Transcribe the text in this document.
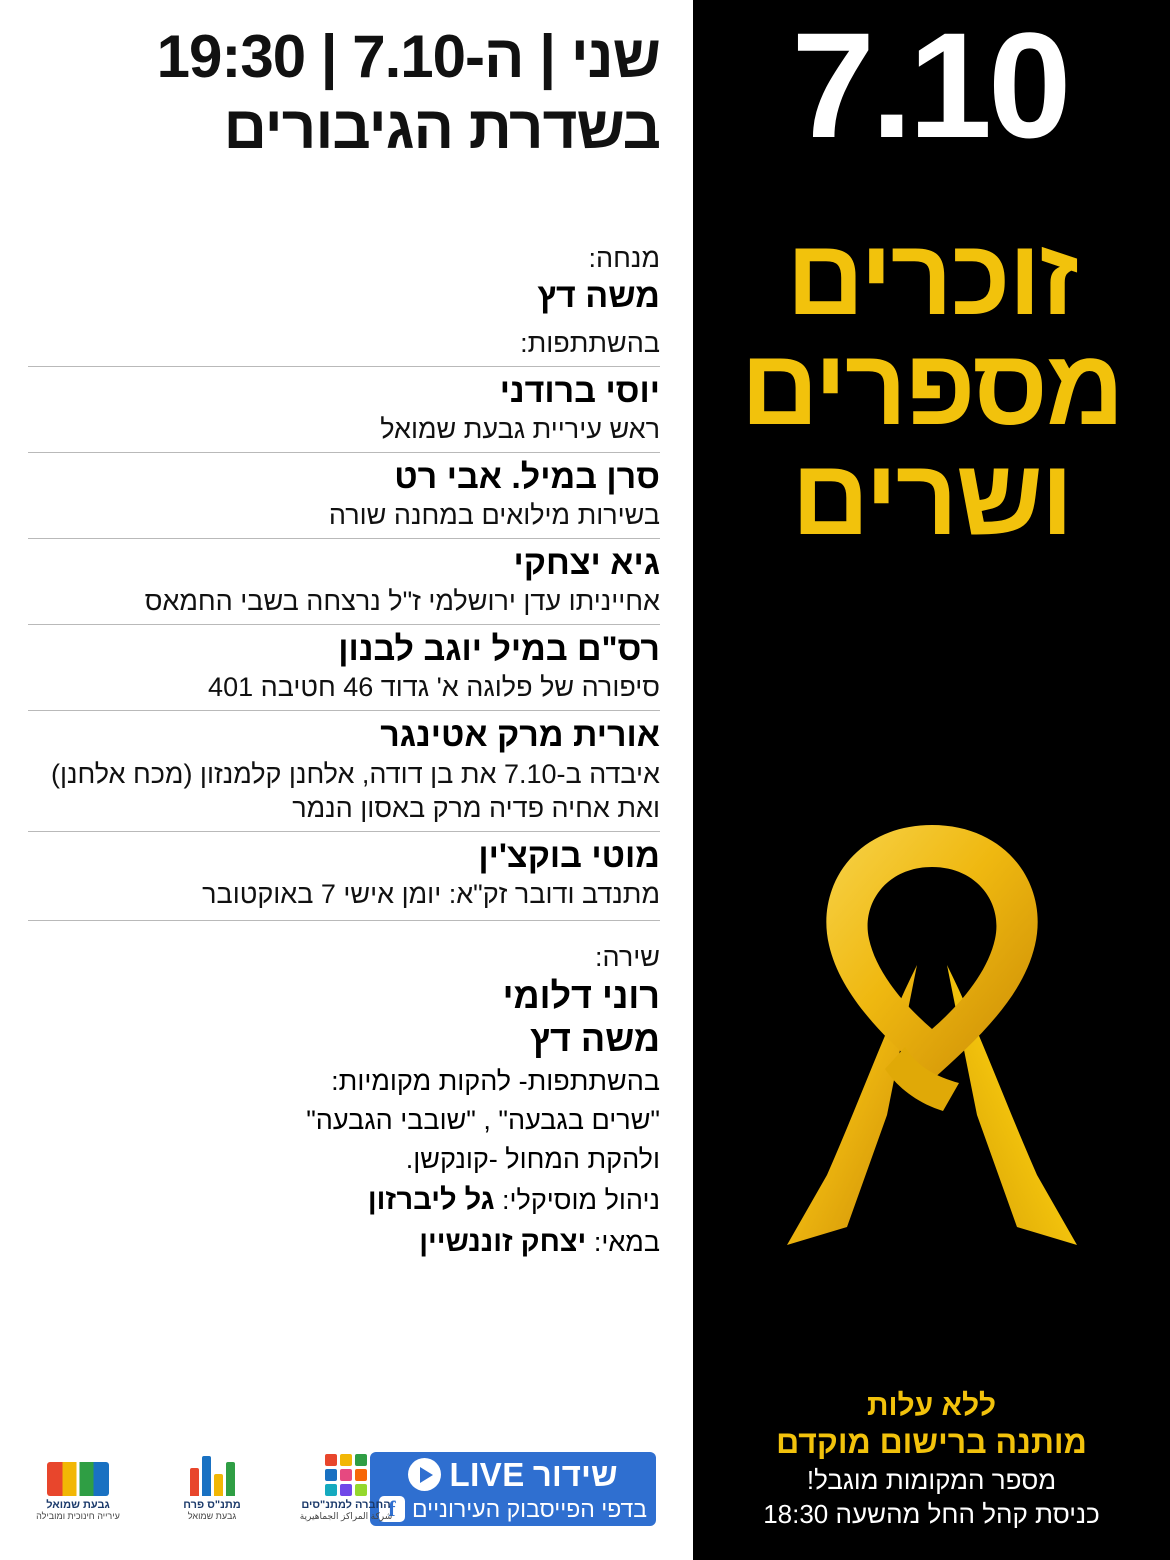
7.10
זוכרים
מספרים
ושרים
ללא עלות
מותנה ברישום מוקדם
מספר המקומות מוגבל!
כניסת קהל החל מהשעה 18:30
שני | ה-7.10 | 19:30
בשדרת הגיבורים
מנחה:
משה דץ
בהשתתפות:
יוסי ברודני
ראש עיריית גבעת שמואל
סרן במיל. אבי רט
בשירות מילואים במחנה שורה
גיא יצחקי
אחייניתו עדן ירושלמי ז"ל נרצחה בשבי החמאס
רס"ם במיל יוגב לבנון
סיפורה של פלוגה א' גדוד 46 חטיבה 401
אורית מרק אטינגר
איבדה ב-7.10 את בן דודה, אלחנן קלמנזון (מכח אלחנן) ואת אחיה פדיה מרק באסון הנמר
מוטי בוקצ'ין
מתנדב ודובר זק"א: יומן אישי 7 באוקטובר
שירה:
רוני דלומי
משה דץ
בהשתתפות- להקות מקומיות:
"שרים בגבעה" , "שובבי הגבעה"
ולהקת המחול -קונקשן.
ניהול מוסיקלי: גל ליברזון
במאי: יצחק זוננשיין
שידור
LIVE
בדפי הפייסבוק העירוניים
f
גבעת שמואל
עירייה חינוכית ומובילה
מתנ"ס פרח
גבעת שמואל
החברה למתנ"סים
شركة المراكز الجماهيرية
